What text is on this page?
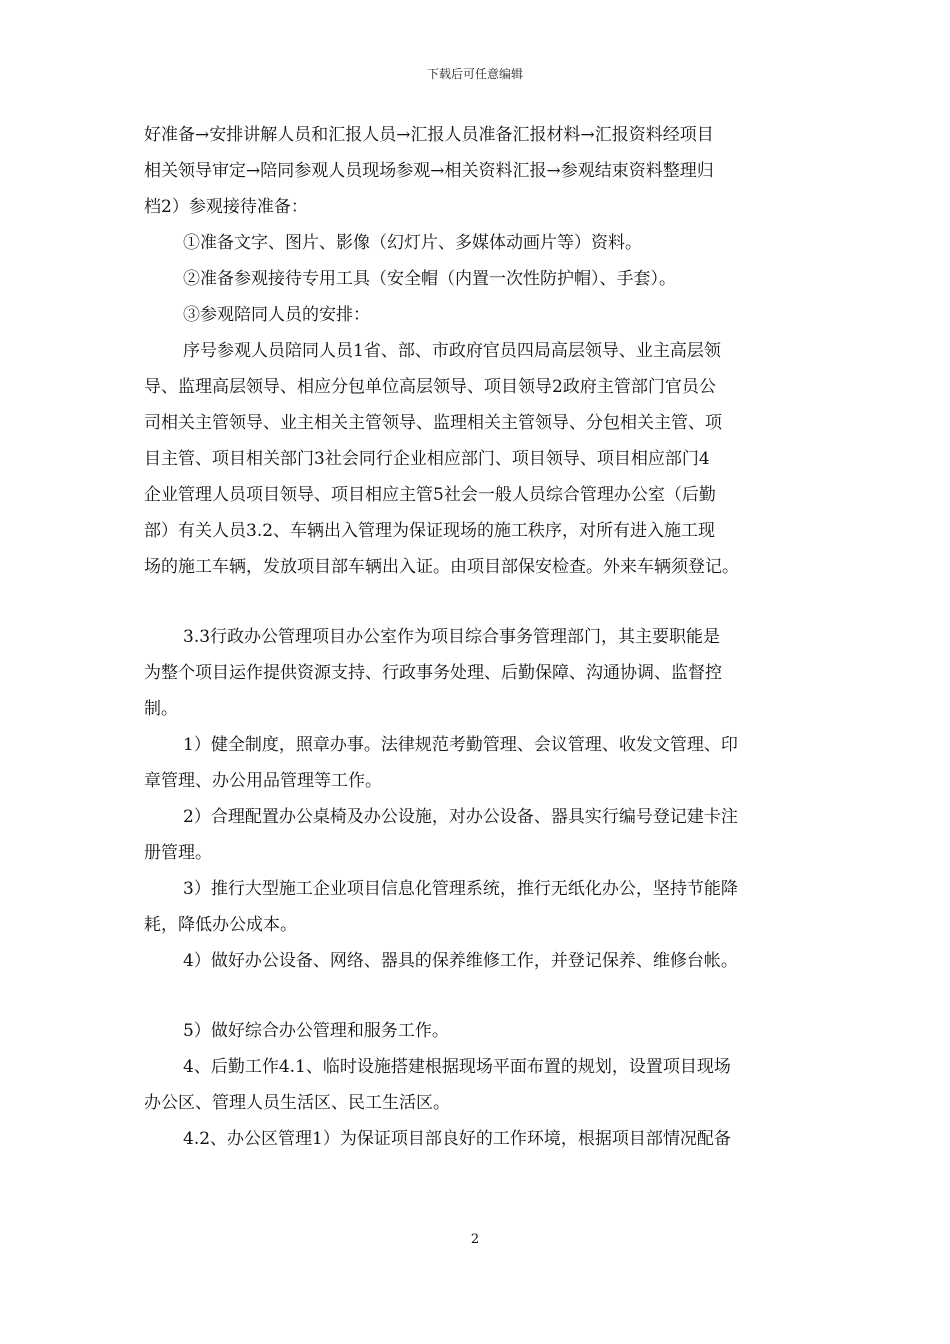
下载后可任意编辑
好准备→安排讲解人员和汇报人员→汇报人员准备汇报材料→汇报资料经项目
相关领导审定→陪同参观人员现场参观→相关资料汇报→参观结束资料整理归
档2）参观接待准备：
①准备文字、图片、影像（幻灯片、多媒体动画片等）资料。
②准备参观接待专用工具（安全帽（内置一次性防护帽）、手套）。
③参观陪同人员的安排：
序号参观人员陪同人员1省、部、市政府官员四局高层领导、业主高层领
导、监理高层领导、相应分包单位高层领导、项目领导2政府主管部门官员公
司相关主管领导、业主相关主管领导、监理相关主管领导、分包相关主管、项
目主管、项目相关部门3社会同行企业相应部门、项目领导、项目相应部门4
企业管理人员项目领导、项目相应主管5社会一般人员综合管理办公室（后勤
部）有关人员3.2、车辆出入管理为保证现场的施工秩序，对所有进入施工现
场的施工车辆，发放项目部车辆出入证。由项目部保安检查。外来车辆须登记。
3.3行政办公管理项目办公室作为项目综合事务管理部门，其主要职能是
为整个项目运作提供资源支持、行政事务处理、后勤保障、沟通协调、监督控
制。
1）健全制度，照章办事。法律规范考勤管理、会议管理、收发文管理、印
章管理、办公用品管理等工作。
2）合理配置办公桌椅及办公设施，对办公设备、器具实行编号登记建卡注
册管理。
3）推行大型施工企业项目信息化管理系统，推行无纸化办公，坚持节能降
耗，降低办公成本。
4）做好办公设备、网络、器具的保养维修工作，并登记保养、维修台帐。
5）做好综合办公管理和服务工作。
4、后勤工作4.1、临时设施搭建根据现场平面布置的规划，设置项目现场
办公区、管理人员生活区、民工生活区。
4.2、办公区管理1）为保证项目部良好的工作环境，根据项目部情况配备
2
